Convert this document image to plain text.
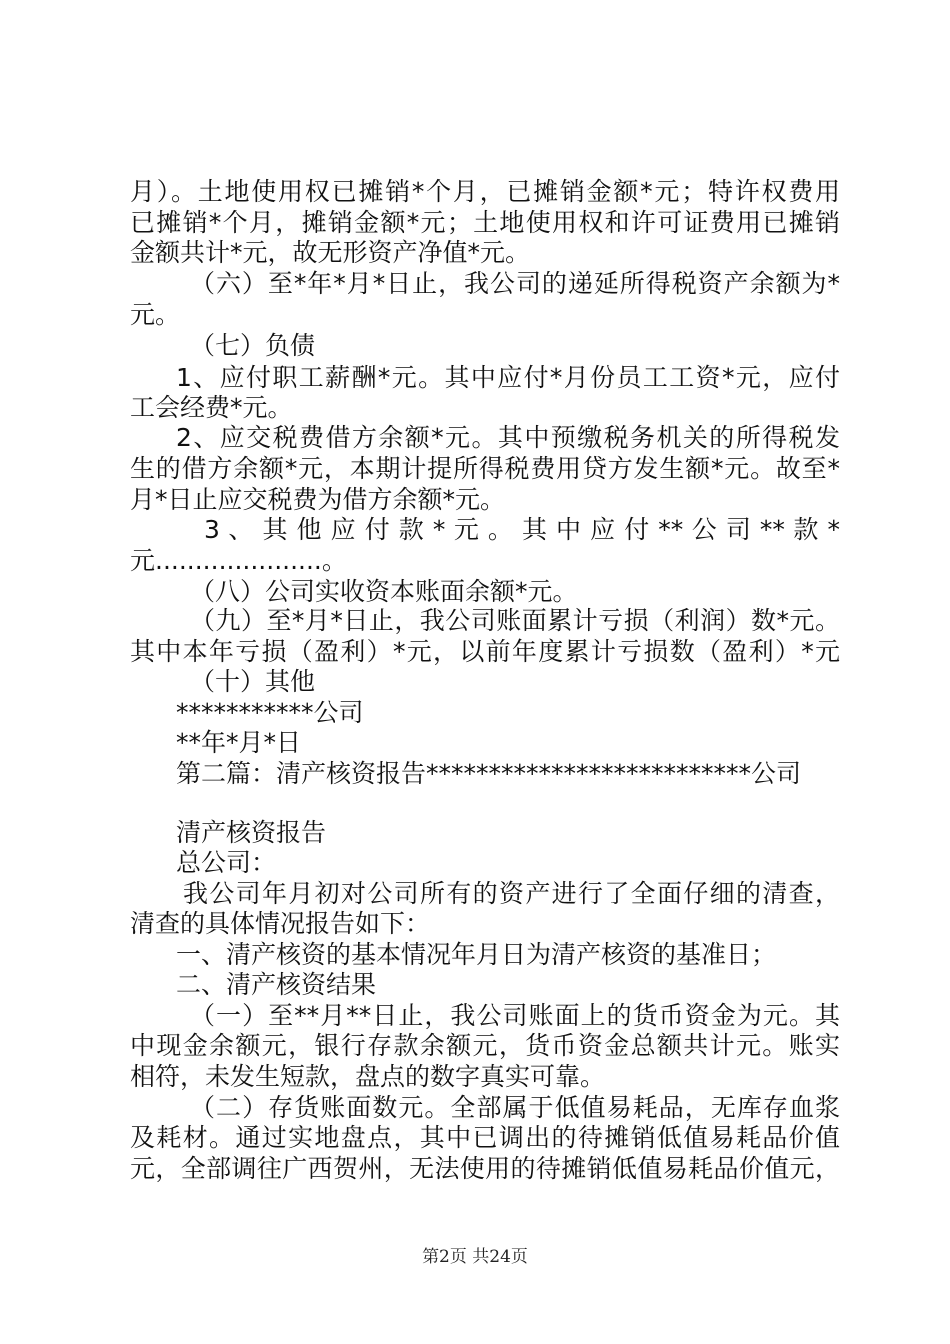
月）。土地使用权已摊销*个月，已摊销金额*元；特许权费用
已摊销*个月，摊销金额*元；土地使用权和许可证费用已摊销
金额共计*元，故无形资产净值*元。
（六）至*年*月*日止，我公司的递延所得税资产余额为*
元。
（七）负债
1、应付职工薪酬*元。其中应付*月份员工工资*元，应付
工会经费*元。
2、应交税费借方余额*元。其中预缴税务机关的所得税发
生的借方余额*元，本期计提所得税费用贷方发生额*元。故至*
月*日止应交税费为借方余额*元。
3 、 其 他 应 付 款 * 元 。 其 中 应 付 ** 公 司 ** 款 *
元.....................。
（八）公司实收资本账面余额*元。
（九）至*月*日止，我公司账面累计亏损（利润）数*元。
其中本年亏损（盈利）*元，以前年度累计亏损数（盈利）*元
（十）其他
***********公司
**年*月*日
第二篇：清产核资报告**************************公司
清产核资报告
总公司：
我公司年月初对公司所有的资产进行了全面仔细的清查，
清查的具体情况报告如下：
一、清产核资的基本情况年月日为清产核资的基准日；
二、清产核资结果
（一）至**月**日止，我公司账面上的货币资金为元。其
中现金余额元，银行存款余额元，货币资金总额共计元。账实
相符，未发生短款，盘点的数字真实可靠。
（二）存货账面数元。全部属于低值易耗品，无库存血浆
及耗材。通过实地盘点，其中已调出的待摊销低值易耗品价值
元，全部调往广西贺州，无法使用的待摊销低值易耗品价值元，
第2页 共24页
